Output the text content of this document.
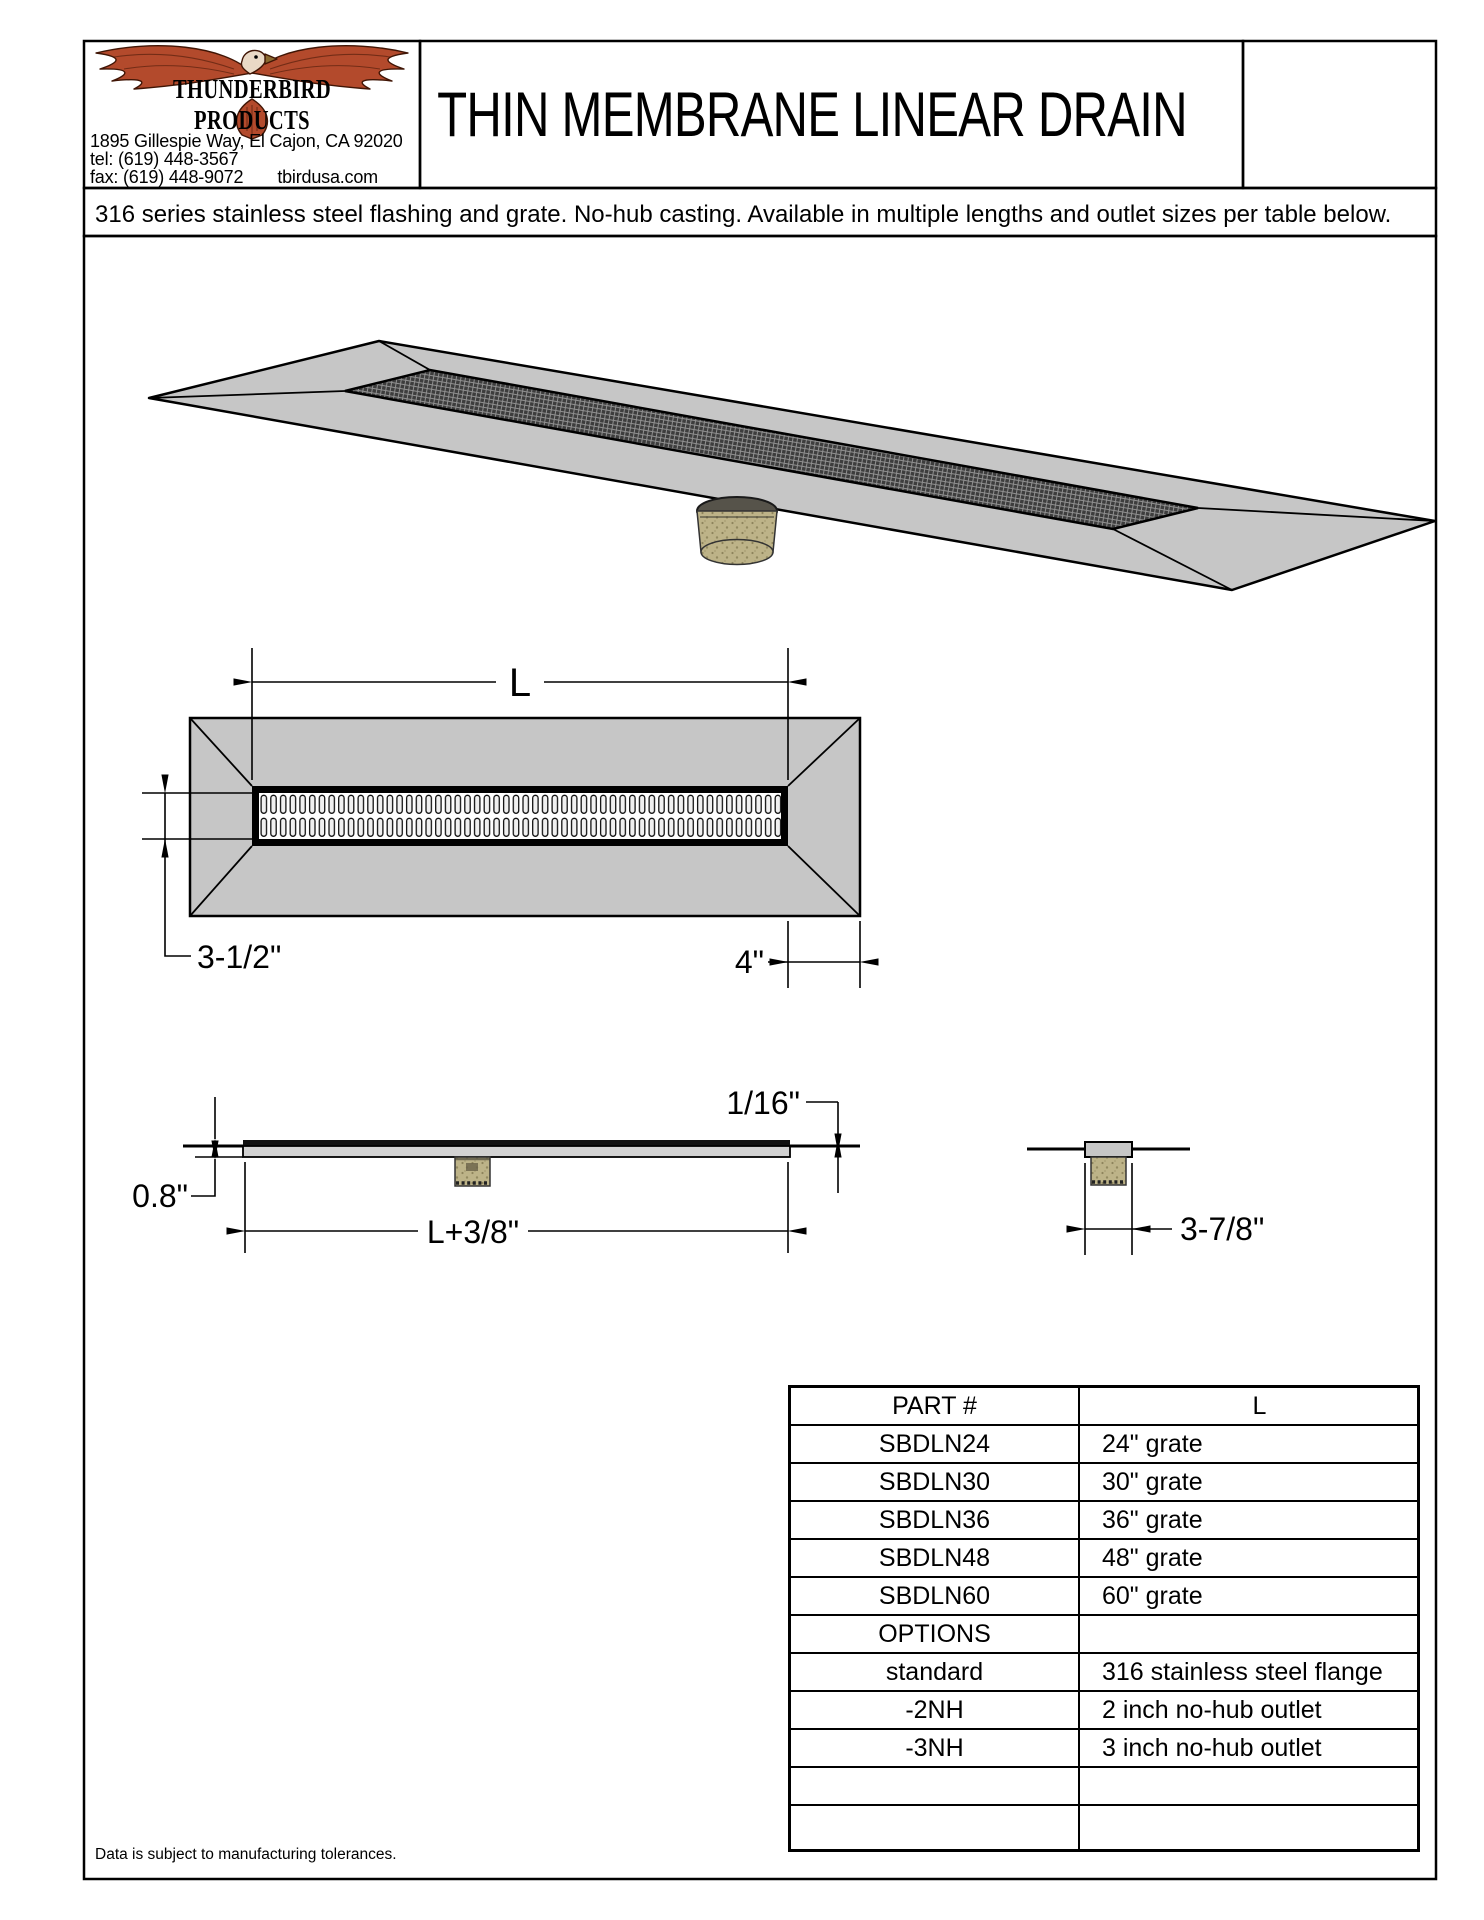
L
3-1/2"	4"
1/16"
0.8"
L+3/8"	3-7/8"
THUNDERBIRD PRODUCTS
1895 Gillespie Way, El Cajon, CA 92020
tel: (619) 448-3567
fax: (619) 448-9072 tbirdusa.com
THIN MEMBRANE LINEAR DRAIN
316 series stainless steel flashing and grate. No-hub casting. Available in multiple lengths and outlet sizes per table below.
PART #	L
SBDLN24	24" grate
SBDLN30	30" grate
SBDLN36	36" grate
SBDLN48	48" grate
SBDLN60	60" grate
OPTIONS	
standard	316 stainless steel flange
-2NH	2 inch no-hub outlet
-3NH	3 inch no-hub outlet

Data is subject to manufacturing tolerances.
